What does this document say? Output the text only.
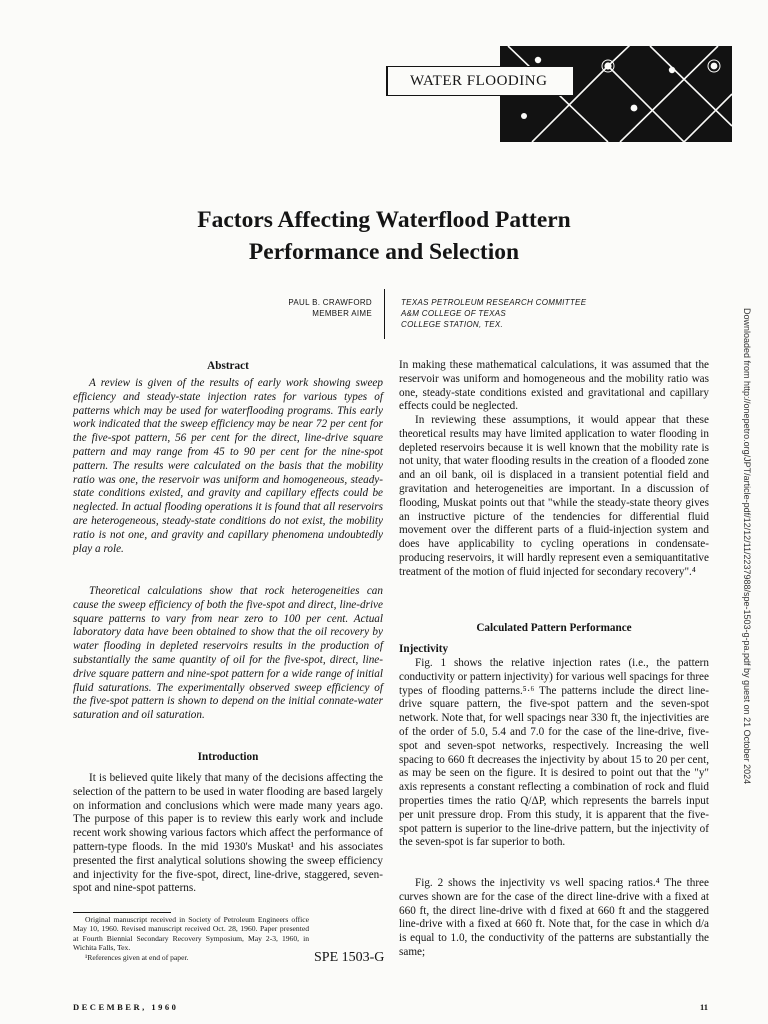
WATER FLOODING
Factors Affecting Waterflood Pattern
Performance and Selection
PAUL B. CRAWFORD
MEMBER AIME
TEXAS PETROLEUM RESEARCH COMMITTEE
A&M COLLEGE OF TEXAS
COLLEGE STATION, TEX.	Downloaded from http://onepetro.org/JPT/article-pdf/12/12/11/2237988/spe-1503-g-pa.pdf by guest on 21 October 2024
Abstract

A review is given of the results of early work showing sweep efficiency and steady-state injection rates for various types of patterns which may be used for waterflooding programs. This early work indicated that the sweep efficiency may be near 72 per cent for the five-spot pattern, 56 per cent for the direct, line-drive square pattern and may range from 45 to 90 per cent for the nine-spot pattern. The results were calculated on the basis that the mobility ratio was one, the reservoir was uniform and homogeneous, steady-state conditions existed, and gravity and capillary effects could be neglected. In actual flooding operations it is found that all reservoirs are heterogeneous, steady-state conditions do not exist, the mobility ratio is not one, and gravity and capillary phenomena undoubtedly play a role.

Theoretical calculations show that rock heterogeneities can cause the sweep efficiency of both the five-spot and direct, line-drive square patterns to vary from near zero to 100 per cent. Actual laboratory data have been obtained to show that the oil recovery by water flooding in depleted reservoirs results in the production of substantially the same quantity of oil for the five-spot, direct, line-drive square pattern and nine-spot pattern for a wide range of initial fluid saturations. The experimentally observed sweep efficiency of the five-spot pattern is shown to depend on the initial connate-water saturation and oil saturation.

Introduction

It is believed quite likely that many of the decisions affecting the selection of the pattern to be used in water flooding are based largely on information and conclusions which were made many years ago. The purpose of this paper is to review this early work and include recent work showing various factors which affect the performance of pattern-type floods. In the mid 1930's Muskat¹ and his associates presented the first analytical solutions showing the sweep efficiency and injectivity for the five-spot, direct, line-drive, staggered, seven-spot and nine-spot patterns.

Original manuscript received in Society of Petroleum Engineers office May 10, 1960. Revised manuscript received Oct. 28, 1960. Paper presented at Fourth Biennial Secondary Recovery Symposium, May 2-3, 1960, in Wichita Falls, Tex.

¹References given at end of paper.	SPE 1503-G
DECEMBER, 1960

In making these mathematical calculations, it was assumed that the reservoir was uniform and homogeneous and the mobility ratio was one, steady-state conditions existed and gravitational and capillary effects could be neglected.

In reviewing these assumptions, it would appear that these theoretical results may have limited application to water flooding in depleted reservoirs because it is well known that the mobility rate is not unity, that water flooding results in the creation of a flooded zone and an oil bank, oil is displaced in a transient potential field and gravitation and heterogeneities are important. In a discussion of flooding, Muskat points out that "while the steady-state theory gives an instructive picture of the tendencies for differential fluid movement over the different parts of a fluid-injection system and does have applicability to cycling operations in condensate-producing reservoirs, it will hardly represent even a semiquantitative treatment of the motion of fluid injected for secondary recovery".⁴

Calculated Pattern Performance
Injectivity

Fig. 1 shows the relative injection rates (i.e., the pattern conductivity or pattern injectivity) for various well spacings for three types of flooding patterns.⁵·⁶ The patterns include the direct line-drive square pattern, the five-spot pattern and the seven-spot network. Note that, for well spacings near 330 ft, the injectivities are of the order of 5.0, 5.4 and 7.0 for the case of the line-drive, five-spot and seven-spot networks, respectively. Increasing the well spacing to 660 ft decreases the injectivity by about 15 to 20 per cent, as may be seen on the figure. It is desired to point out that the "y" axis represents a constant reflecting a combination of rock and fluid properties times the ratio Q/ΔP, which represents the barrels input per unit pressure drop. From this study, it is apparent that the five-spot pattern is superior to the line-drive pattern, but the injectivity of the seven-spot is far superior to both.

Fig. 2 shows the injectivity vs well spacing ratios.⁴ The three curves shown are for the case of the direct line-drive with a fixed at 660 ft, the direct line-drive with d fixed at 660 ft and the staggered line-drive with a fixed at 660 ft. Note that, for the case in which d/a is equal to 1.0, the conductivity of the patterns are substantially the same;

11
